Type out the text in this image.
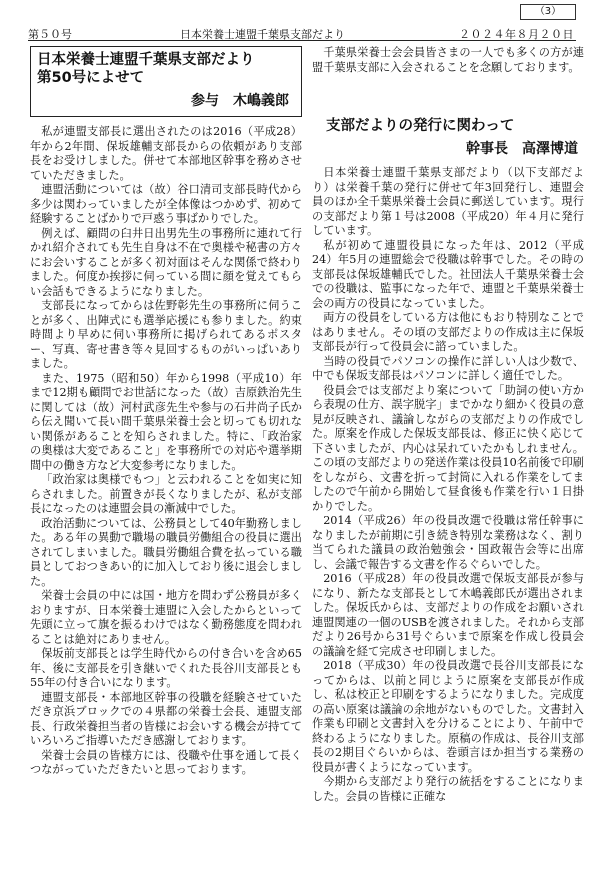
（3）
第５０号	日本栄養士連盟千葉県支部だより	２０２４年８月２０日
日本栄養士連盟千葉県支部だより
第50号によせて
参与　木嶋義郎

私が連盟支部長に選出されたのは2016（平成28）年から2年間、保坂雄輔支部長からの依頼があり支部長をお受けしました。併せて本部地区幹事を務めさせていただきました。

連盟活動については（故）谷口清司支部長時代から多少は関わっていましたが全体像はつかめず、初めて経験することばかりで戸惑う事ばかりでした。

例えば、顧問の臼井日出男先生の事務所に連れて行かれ紹介されても先生自身は不在で奥様や秘書の方々にお会いすることが多く初対面はそんな関係で終わりました。何度か挨拶に伺っている間に顔を覚えてもらい会話もできるようになりました。

支部長になってからは佐野彰先生の事務所に伺うことが多く、出陣式にも選挙応援にも参りました。約束時間より早めに伺い事務所に掲げられてあるポスター、写真、寄せ書き等々見回するものがいっぱいありました。

また、1975（昭和50）年から1998（平成10）年まで12期も顧問でお世話になった（故）吉原鉄治先生に関しては（故）河村武彦先生や参与の石井尚子氏から伝え聞いて長い間千葉県栄養士会と切っても切れない関係があることを知らされました。特に、「政治家の奥様は大変であること」を事務所での対応や選挙期間中の働き方など大変参考になりました。

「政治家は奥様でもつ」と云われることを如実に知らされました。前置きが長くなりましたが、私が支部長になったのは連盟会員の漸減中でした。

政治活動については、公務員として40年勤務しました。ある年の異動で職場の職員労働組合の役員に選出されてしまいました。職員労働組合費を払っている職員としておつきあい的に加入しており後に退会しました。

栄養士会員の中には国・地方を問わず公務員が多くおりますが、日本栄養士連盟に入会したからといって先頭に立って旗を振るわけではなく勤務態度を問われることは絶対にありません。

保坂前支部長とは学生時代からの付き合いを含め65年、後に支部長を引き継いでくれた長谷川支部長とも55年の付き合いになります。

連盟支部長・本部地区幹事の役職を経験させていただき京浜ブロックでの４県都の栄養士会長、連盟支部長、行政栄養担当者の皆様にお会いする機会が持てていろいろご指導いただき感謝しております。

栄養士会員の皆様方には、役職や仕事を通して長くつながっていただきたいと思っております。

千葉県栄養士会会員皆さまの一人でも多くの方が連盟千葉県支部に入会されることを念願しております。

支部だよりの発行に関わって
幹事長　高澤博道

日本栄養士連盟千葉県支部だより（以下支部だより）は栄養千葉の発行に併せて年3回発行し、連盟会員のほか全千葉県栄養士会員に郵送しています。現行の支部だより第１号は2008（平成20）年４月に発行しています。

私が初めて連盟役員になった年は、2012（平成24）年5月の連盟総会で役職は幹事でした。その時の支部長は保坂雄輔氏でした。社団法人千葉県栄養士会での役職は、監事になった年で、連盟と千葉県栄養士会の両方の役員になっていました。

両方の役員をしている方は他にもおり特別なことではありません。その頃の支部だよりの作成は主に保坂支部長が行って役員会に諮っていました。

当時の役員でパソコンの操作に詳しい人は少数で、中でも保坂支部長はパソコンに詳しく適任でした。

役員会では支部だより案について「助詞の使い方から表現の仕方、誤字脱字」までかなり細かく役員の意見が反映され、議論しながらの支部だよりの作成でした。原案を作成した保坂支部長は、修正に快く応じて下さいましたが、内心は呆れていたかもしれません。この頃の支部だよりの発送作業は役員10名前後で印刷をしながら、文書を折って封筒に入れる作業をしてましたので午前から開始して昼食後も作業を行い１日掛かりでした。

2014（平成26）年の役員改選で役職は常任幹事になりましたが前期に引き続き特別な業務はなく、割り当てられた議員の政治勉強会・国政報告会等に出席し、会議で報告する文書を作るぐらいでした。

2016（平成28）年の役員改選で保坂支部長が参与になり、新たな支部長として木嶋義郎氏が選出されました。保坂氏からは、支部だよりの作成をお願いされ連盟関連の一個のUSBを渡されました。それから支部だより26号から31号ぐらいまで原案を作成し役員会の議論を経て完成させ印刷しました。

2018（平成30）年の役員改選で長谷川支部長になってからは、以前と同じように原案を支部長が作成し、私は校正と印刷をするようになりました。完成度の高い原案は議論の余地がないものでした。文書封入作業も印刷と文書封入を分けることにより、午前中で終わるようになりました。原稿の作成は、長谷川支部長の2期目ぐらいからは、巻頭言ほか担当する業務の役員が書くようになっています。

今期から支部だより発行の統括をすることになりました。会員の皆様に正確な
